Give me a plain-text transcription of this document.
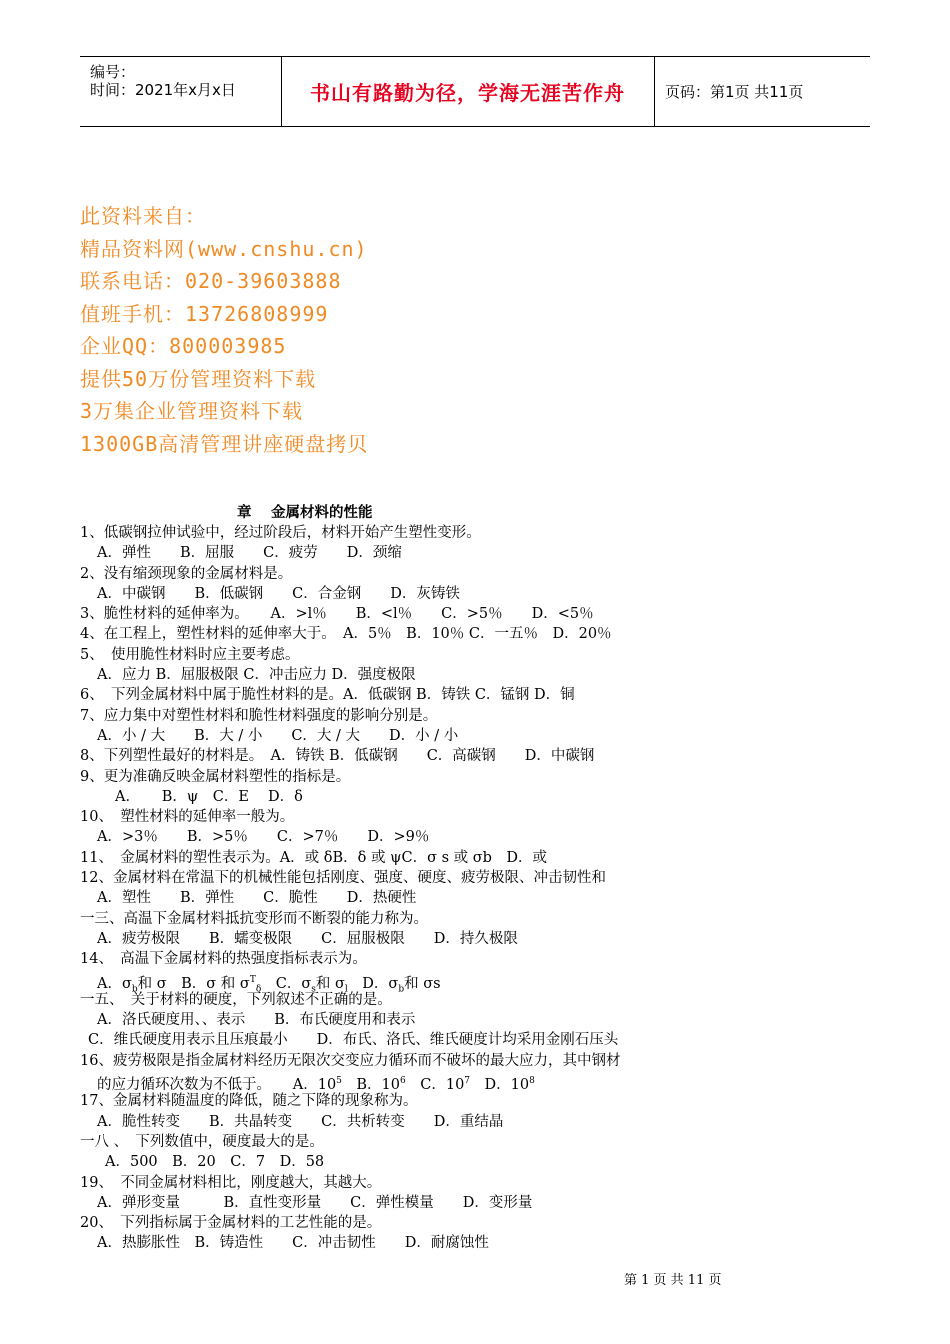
编号：
时间：2021年x月x日	书山有路勤为径，学海无涯苦作舟	页码：第1页 共11页
此资料来自：
精品资料网(www.cnshu.cn)
联系电话：020-39603888
值班手机：13726808999
企业QQ：800003985
提供50万份管理资料下载
3万集企业管理资料下载
1300GB高清管理讲座硬盘拷贝
章　 金属材料的性能
1、低碳钢拉伸试验中，经过阶段后，材料开始产生塑性变形。
A．弹性　　B．屈服　　C．疲劳　　D．颈缩
2、没有缩颈现象的金属材料是。
A．中碳钢　　B．低碳钢　　C．合金钢　　D．灰铸铁
3、脆性材料的延伸率为。　　A．>l％　　B．<l％　　C．>5％　　D．<5％
4、在工程上，塑性材料的延伸率大于。　A．5％　B．10％ C．一五％　D．20％
5、　使用脆性材料时应主要考虑。
A．应力 B．屈服极限 C．冲击应力 D．强度极限
6、　下列金属材料中属于脆性材料的是。A．低碳钢 B．铸铁 C．锰钢 D．铜
7、应力集中对塑性材料和脆性材料强度的影响分别是。
A．小 / 大　　B．大 / 小　　C．大 / 大　　D．小 / 小
8、下列塑性最好的材料是。　A．铸铁 B．低碳钢　　C．高碳钢　　D．中碳钢
9、更为准确反映金属材料塑性的指标是。
A．　　B．ψ　C．E　 D．δ
10、　塑性材料的延伸率一般为。
A．>3％　　B．>5％　　C．>7％　　D．>9％
11、　金属材料的塑性表示为。A．或 δB．δ 或 ψC．σ s 或 σb　D．或
12、金属材料在常温下的机械性能包括刚度、强度、硬度、疲劳极限、冲击韧性和
A．塑性　　B．弹性　　C．脆性　　D．热硬性
一三、高温下金属材料抵抗变形而不断裂的能力称为。
A．疲劳极限　　B．蠕变极限　　C．屈服极限　　D．持久极限
14、　高温下金属材料的热强度指标表示为。
A．$\sigma_b$和 σ　B．σ 和 $\sigma^T_\delta$　C．$\sigma_s$和 $\sigma_l$　D．$\sigma_b$和 σs
一五、　关于材料的硬度，下列叙述不正确的是。
A．洛氏硬度用、、表示　　B．布氏硬度用和表示
C．维氏硬度用表示且压痕最小　　D．布氏、洛氏、维氏硬度计均采用金刚石压头
16、疲劳极限是指金属材料经历无限次交变应力循环而不破坏的最大应力，其中钢材
的应力循环次数为不低于。　　A．$10^5$　B．$10^6$　C．$10^7$　D．$10^8$
17、金属材料随温度的降低，随之下降的现象称为。
A．脆性转变　　B．共晶转变　　C．共析转变　　D．重结晶
一八 、　下列数值中，硬度最大的是。
A．500　B．20　C．7　D．58
19、　不同金属材料相比，刚度越大，其越大。
A．弹形变量　　　B．直性变形量　　C．弹性模量　　D．变形量
20、　下列指标属于金属材料的工艺性能的是。
A．热膨胀性　B．铸造性　　C．冲击韧性　　D．耐腐蚀性
第 1 页 共 11 页
